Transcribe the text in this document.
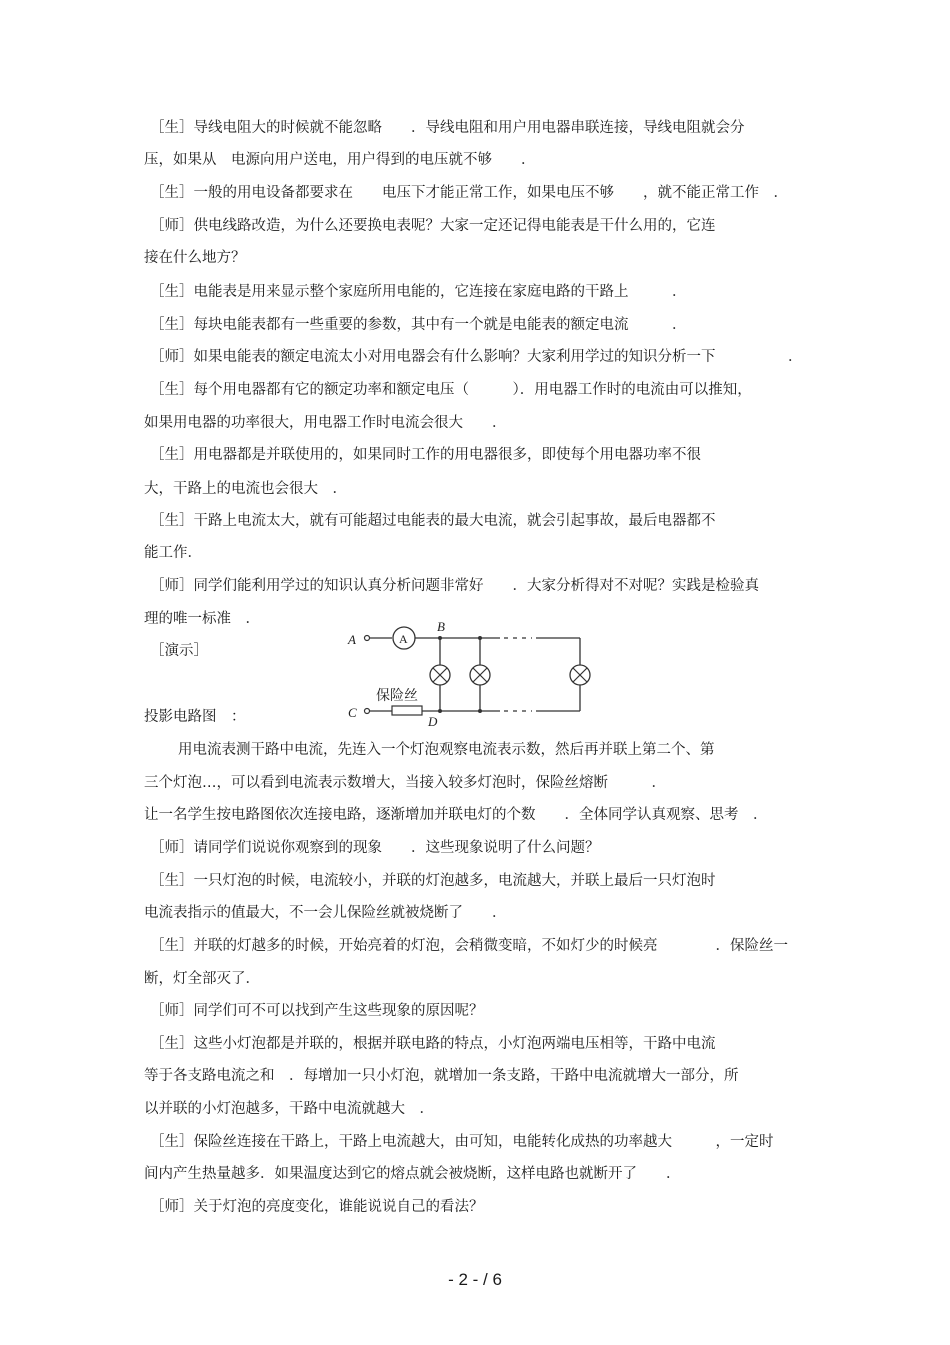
［生］导线电阻大的时候就不能忽略　　．导线电阻和用户用电器串联连接，导线电阻就会分
压，如果从　电源向用户送电，用户得到的电压就不够　　．
［生］一般的用电设备都要求在　　电压下才能正常工作，如果电压不够　　，就不能正常工作　．
［师］供电线路改造，为什么还要换电表呢？大家一定还记得电能表是干什么用的，它连
接在什么地方？
［生］电能表是用来显示整个家庭所用电能的，它连接在家庭电路的干路上　　　．
［生］每块电能表都有一些重要的参数，其中有一个就是电能表的额定电流　　　．
［师］如果电能表的额定电流太小对用电器会有什么影响？大家利用学过的知识分析一下　　　　　．
［生］每个用电器都有它的额定功率和额定电压（　　　）．用电器工作时的电流由可以推知，
如果用电器的功率很大，用电器工作时电流会很大　　．
［生］用电器都是并联使用的，如果同时工作的用电器很多，即使每个用电器功率不很
大，干路上的电流也会很大　．
［生］干路上电流太大，就有可能超过电能表的最大电流，就会引起事故，最后电器都不
能工作．
［师］同学们能利用学过的知识认真分析问题非常好　　．大家分析得对不对呢？实践是检验真
理的唯一标准　．
［演示］
投影电路图　：
A	A
B
C
保险丝
D
用电流表测干路中电流，先连入一个灯泡观察电流表示数，然后再并联上第二个、第
三个灯泡…，可以看到电流表示数增大，当接入较多灯泡时，保险丝熔断　　　．
让一名学生按电路图依次连接电路，逐渐增加并联电灯的个数　　．全体同学认真观察、思考　．
［师］请同学们说说你观察到的现象　　．这些现象说明了什么问题？
［生］一只灯泡的时候，电流较小，并联的灯泡越多，电流越大，并联上最后一只灯泡时
电流表指示的值最大，不一会儿保险丝就被烧断了　　．
［生］并联的灯越多的时候，开始亮着的灯泡，会稍微变暗，不如灯少的时候亮　　　　．保险丝一
断，灯全部灭了．
［师］同学们可不可以找到产生这些现象的原因呢？
［生］这些小灯泡都是并联的，根据并联电路的特点，小灯泡两端电压相等，干路中电流
等于各支路电流之和　．每增加一只小灯泡，就增加一条支路，干路中电流就增大一部分，所
以并联的小灯泡越多，干路中电流就越大　．
［生］保险丝连接在干路上，干路上电流越大，由可知，电能转化成热的功率越大　　　，一定时
间内产生热量越多．如果温度达到它的熔点就会被烧断，这样电路也就断开了　　．
［师］关于灯泡的亮度变化，谁能说说自己的看法？
- 2 - / 6
